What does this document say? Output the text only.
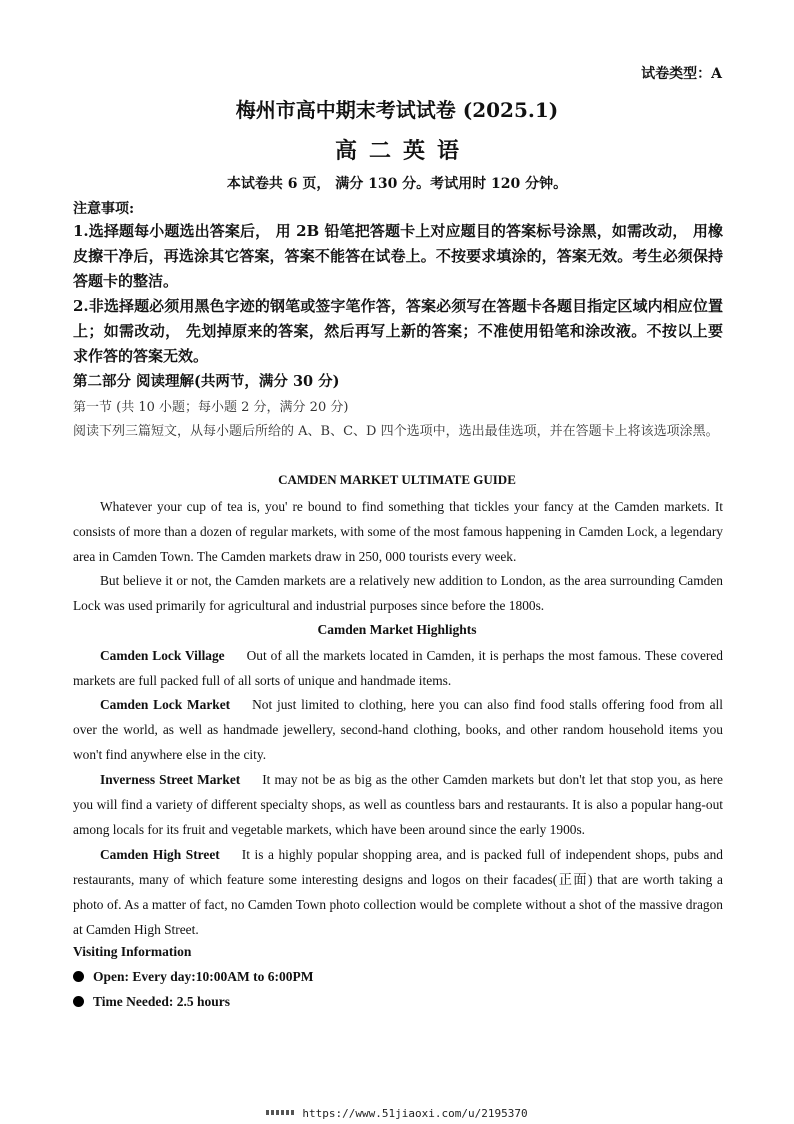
试卷类型：A
梅州市高中期末考试试卷 (2025.1)
高二英语
本试卷共 6 页， 满分 130 分。考试用时 120 分钟。
注意事项:
1.选择题每小题选出答案后， 用 2B 铅笔把答题卡上对应题目的答案标号涂黑，如需改动， 用橡皮擦干净后，再选涂其它答案，答案不能答在试卷上。不按要求填涂的，答案无效。考生必须保持答题卡的整洁。
2.非选择题必须用黑色字迹的钢笔或签字笔作答，答案必须写在答题卡各题目指定区域内相应位置上；如需改动， 先划掉原来的答案，然后再写上新的答案；不准使用铅笔和涂改液。不按以上要求作答的答案无效。
第二部分 阅读理解(共两节，满分 30 分)
第一节 (共 10 小题；每小题 2 分，满分 20 分)
阅读下列三篇短文，从每小题后所给的 A、B、C、D 四个选项中，选出最佳选项，并在答题卡上将该选项涂黑。
CAMDEN MARKET ULTIMATE GUIDE
Whatever your cup of tea is, you' re bound to find something that tickles your fancy at the Camden markets. It consists of more than a dozen of regular markets, with some of the most famous happening in Camden Lock, a legendary area in Camden Town. The Camden markets draw in 250, 000 tourists every week.
But believe it or not, the Camden markets are a relatively new addition to London, as the area surrounding Camden Lock was used primarily for agricultural and industrial purposes since before the 1800s.
Camden Market Highlights
Camden Lock Village Out of all the markets located in Camden, it is perhaps the most famous. These covered markets are full packed full of all sorts of unique and handmade items.
Camden Lock Market Not just limited to clothing, here you can also find food stalls offering food from all over the world, as well as handmade jewellery, second-hand clothing, books, and other random household items you won't find anywhere else in the city.
Inverness Street Market It may not be as big as the other Camden markets but don't let that stop you, as here you will find a variety of different specialty shops, as well as countless bars and restaurants. It is also a popular hang-out among locals for its fruit and vegetable markets, which have been around since the early 1900s.
Camden High Street It is a highly popular shopping area, and is packed full of independent shops, pubs and restaurants, many of which feature some interesting designs and logos on their facades(正面) that are worth taking a photo of. As a matter of fact, no Camden Town photo collection would be complete without a shot of the massive dragon at Camden High Street.
Visiting Information
Open: Every day:10:00AM to 6:00PM
Time Needed: 2.5 hours
https://www.51jiaoxi.com/u/2195370
